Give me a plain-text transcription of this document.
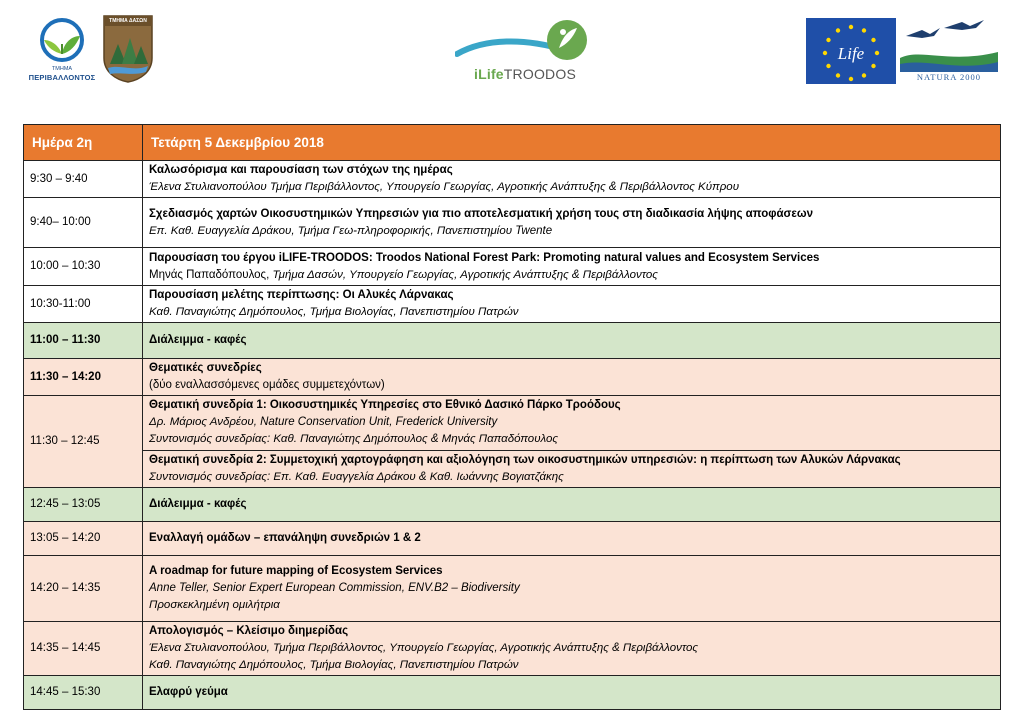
ΤΜΗΜΑ
ΠΕΡΙΒΑΛΛΟΝΤΟΣ
ΤΜΗΜΑ ΔΑΣΩΝ
iLifeTROODOS
Life
NATURA 2000
Ημέρα 2η	Τετάρτη 5 Δεκεμβρίου 2018
9:30 – 9:40	Καλωσόρισμα και παρουσίαση των στόχων της ημέρας
Έλενα Στυλιανοπούλου Τμήμα Περιβάλλοντος, Υπουργείο Γεωργίας, Αγροτικής Ανάπτυξης & Περιβάλλοντος Κύπρου

9:40– 10:00	Σχεδιασμός χαρτών Οικοσυστημικών Υπηρεσιών για πιο αποτελεσματική χρήση τους στη διαδικασία λήψης αποφάσεων
Επ. Καθ. Ευαγγελία Δράκου, Τμήμα Γεω-πληροφορικής, Πανεπιστημίου Twente

10:00 – 10:30	Παρουσίαση του έργου iLIFE-TROODOS: Troodos National Forest Park: Promoting natural values and Ecosystem Services
Μηνάς Παπαδόπουλος, Τμήμα Δασών, Υπουργείο Γεωργίας, Αγροτικής Ανάπτυξης & Περιβάλλοντος

10:30-11:00	Παρουσίαση μελέτης περίπτωσης: Οι Αλυκές Λάρνακας
Καθ. Παναγιώτης Δημόπουλος, Τμήμα Βιολογίας, Πανεπιστημίου Πατρών

11:00 – 11:30	Διάλειμμα - καφές

11:30 – 14:20	Θεματικές συνεδρίες
(δύο εναλλασσόμενες ομάδες συμμετεχόντων)

11:30 – 12:45	Θεματική συνεδρία 1: Οικοσυστημικές Υπηρεσίες στο Εθνικό Δασικό Πάρκο Τροόδους
Δρ. Μάριος Ανδρέου, Nature Conservation Unit, Frederick University
Συντονισμός συνεδρίας: Καθ. Παναγιώτης Δημόπουλος & Μηνάς Παπαδόπουλος
Θεματική συνεδρία 2: Συμμετοχική χαρτογράφηση και αξιολόγηση των οικοσυστημικών υπηρεσιών: η περίπτωση των Αλυκών Λάρνακας
Συντονισμός συνεδρίας: Επ. Καθ. Ευαγγελία Δράκου & Καθ. Ιωάννης Βογιατζάκης

12:45 – 13:05	Διάλειμμα - καφές

13:05 – 14:20	Εναλλαγή ομάδων – επανάληψη συνεδριών 1 & 2

14:20 – 14:35	A roadmap for future mapping of Ecosystem Services
Anne Teller, Senior Expert European Commission, ENV.B2 – Biodiversity
Προσκεκλημένη ομιλήτρια

14:35 – 14:45	Απολογισμός – Κλείσιμο διημερίδας
Έλενα Στυλιανοπούλου, Τμήμα Περιβάλλοντος, Υπουργείο Γεωργίας, Αγροτικής Ανάπτυξης & Περιβάλλοντος
Καθ. Παναγιώτης Δημόπουλος, Τμήμα Βιολογίας, Πανεπιστημίου Πατρών

14:45 – 15:30	Ελαφρύ γεύμα
